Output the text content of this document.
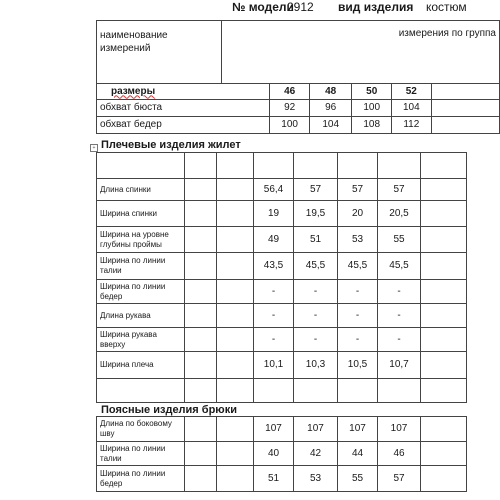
№ модели
2912 вид изделия костюм
наименование измерений	измерения по группа					
размеры		46	48	50	52	
обхват бюста		92	96	100	104	
обхват бедер		100	104	108	112	
+ Плечевые изделия жилет

Длина спинки			56,4	57	57	57	
Ширина спинки			19	19,5	20	20,5	
Ширина на уровне глубины проймы			49	51	53	55	
Ширина по линии талии			43,5	45,5	45,5	45,5	
Ширина по линии бедер			-	-	-	-	
Длина рукава			-	-	-	-	
Ширина рукава вверху			-	-	-	-	
Ширина плеча			10,1	10,3	10,5	10,7	

Поясные изделия брюки
Длина по боковому шву			107	107	107	107	
Ширина по линии талии			40	42	44	46	
Ширина по линии бедер			51	53	55	57	
